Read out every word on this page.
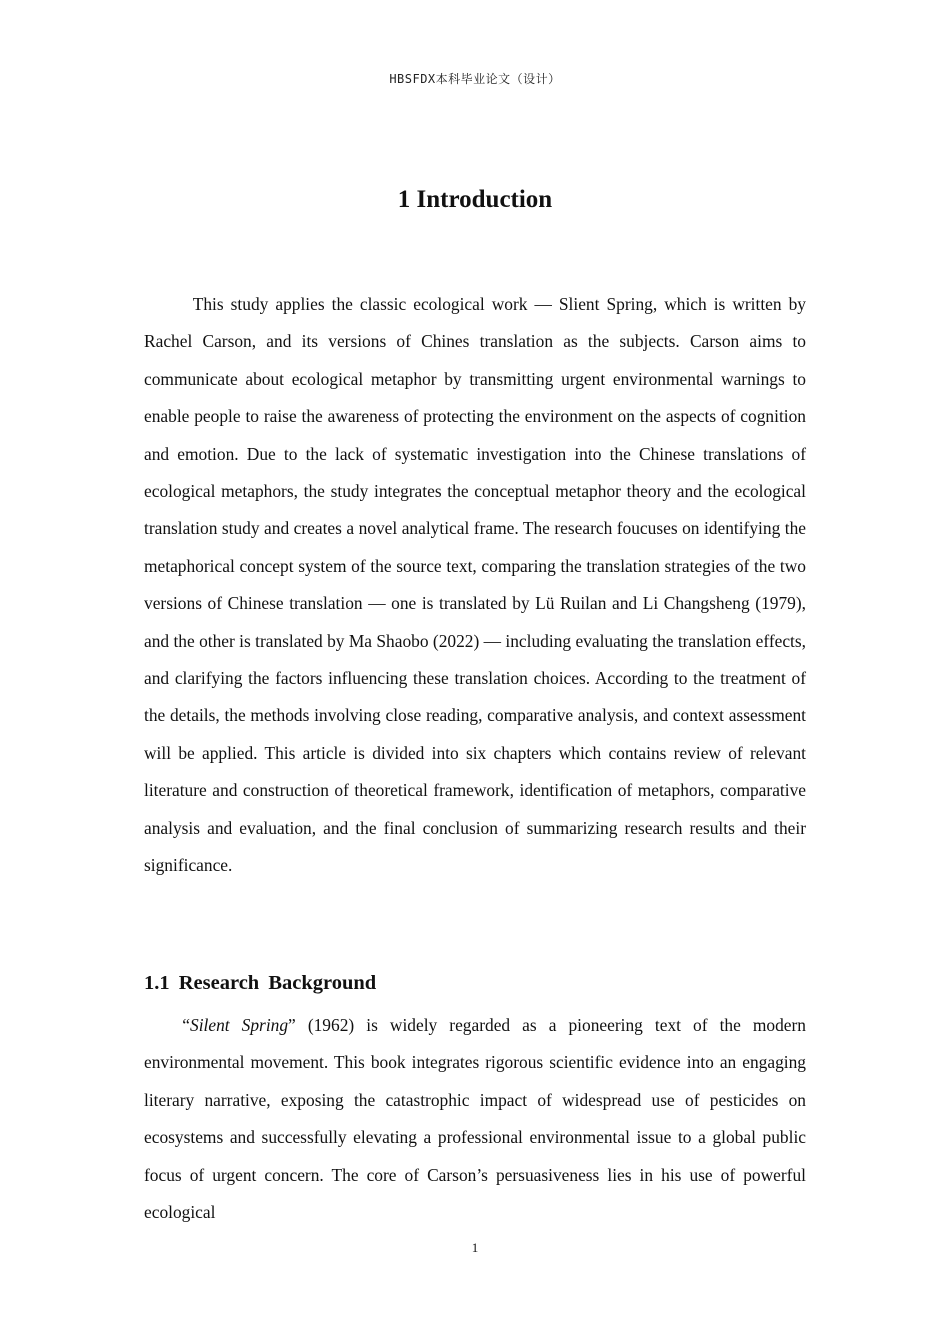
HBSFDX本科毕业论文（设计）
1 Introduction

This study applies the classic ecological work — Slient Spring, which is written by Rachel Carson, and its versions of Chines translation as the subjects. Carson aims to communicate about ecological metaphor by transmitting urgent environmental warnings to enable people to raise the awareness of protecting the environment on the aspects of cognition and emotion. Due to the lack of systematic investigation into the Chinese translations of ecological metaphors, the study integrates the conceptual metaphor theory and the ecological translation study and creates a novel analytical frame. The research foucuses on identifying the metaphorical concept system of the source text, comparing the translation strategies of the two versions of Chinese translation — one is translated by Lü Ruilan and Li Changsheng (1979), and the other is translated by Ma Shaobo (2022) — including evaluating the translation effects, and clarifying the factors influencing these translation choices. According to the treatment of the details, the methods involving close reading, comparative analysis, and context assessment will be applied. This article is divided into six chapters which contains review of relevant literature and construction of theoretical framework, identification of metaphors, comparative analysis and evaluation, and the final conclusion of summarizing research results and their significance.

1.1 Research Background

“Silent Spring” (1962) is widely regarded as a pioneering text of the modern environmental movement. This book integrates rigorous scientific evidence into an engaging literary narrative, exposing the catastrophic impact of widespread use of pesticides on ecosystems and successfully elevating a professional environmental issue to a global public focus of urgent concern. The core of Carson’s persuasiveness lies in his use of powerful ecological

1
